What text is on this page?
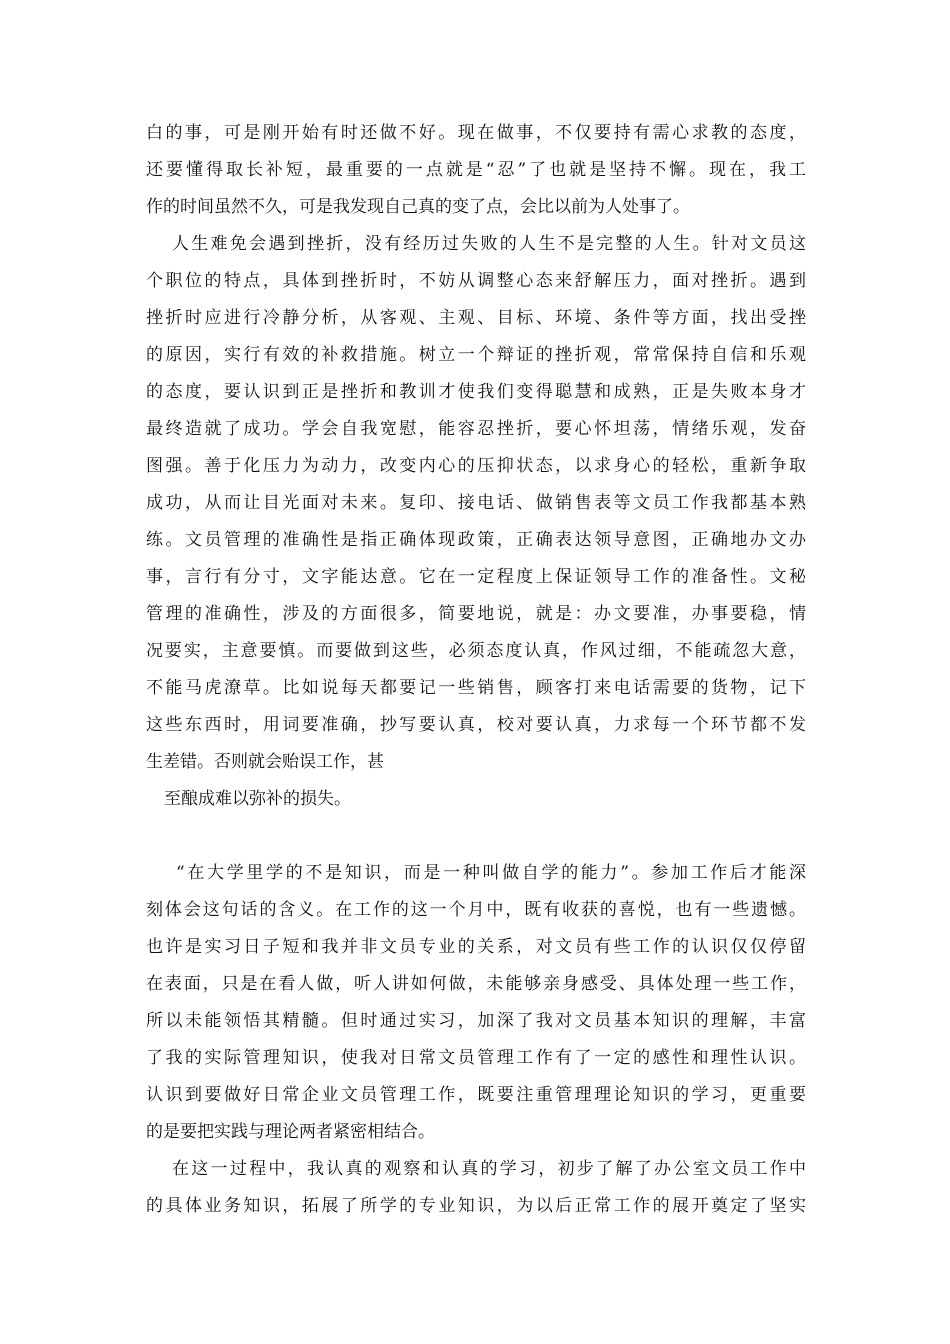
白的事，可是刚开始有时还做不好。现在做事，不仅要持有需心求教的态度，

还要懂得取长补短，最重要的一点就是“忍”了也就是坚持不懈。现在，我工

作的时间虽然不久，可是我发现自己真的变了点，会比以前为人处事了。

人生难免会遇到挫折，没有经历过失败的人生不是完整的人生。针对文员这

个职位的特点，具体到挫折时，不妨从调整心态来舒解压力，面对挫折。遇到

挫折时应进行冷静分析，从客观、主观、目标、环境、条件等方面，找出受挫

的原因，实行有效的补救措施。树立一个辩证的挫折观，常常保持自信和乐观

的态度，要认识到正是挫折和教训才使我们变得聪慧和成熟，正是失败本身才

最终造就了成功。学会自我宽慰，能容忍挫折，要心怀坦荡，情绪乐观，发奋

图强。善于化压力为动力，改变内心的压抑状态，以求身心的轻松，重新争取

成功，从而让目光面对未来。复印、接电话、做销售表等文员工作我都基本熟

练。文员管理的准确性是指正确体现政策，正确表达领导意图，正确地办文办

事，言行有分寸，文字能达意。它在一定程度上保证领导工作的准备性。文秘

管理的准确性，涉及的方面很多，简要地说，就是：办文要准，办事要稳，情

况要实，主意要慎。而要做到这些，必须态度认真，作风过细，不能疏忽大意，

不能马虎潦草。比如说每天都要记一些销售，顾客打来电话需要的货物，记下

这些东西时，用词要准确，抄写要认真，校对要认真，力求每一个环节都不发

生差错。否则就会贻误工作，甚

至酿成难以弥补的损失。

“在大学里学的不是知识，而是一种叫做自学的能力”。参加工作后才能深

刻体会这句话的含义。在工作的这一个月中，既有收获的喜悦，也有一些遗憾。

也许是实习日子短和我并非文员专业的关系，对文员有些工作的认识仅仅停留

在表面，只是在看人做，听人讲如何做，未能够亲身感受、具体处理一些工作，

所以未能领悟其精髓。但时通过实习，加深了我对文员基本知识的理解，丰富

了我的实际管理知识，使我对日常文员管理工作有了一定的感性和理性认识。

认识到要做好日常企业文员管理工作，既要注重管理理论知识的学习，更重要

的是要把实践与理论两者紧密相结合。

在这一过程中，我认真的观察和认真的学习，初步了解了办公室文员工作中

的具体业务知识，拓展了所学的专业知识，为以后正常工作的展开奠定了坚实
